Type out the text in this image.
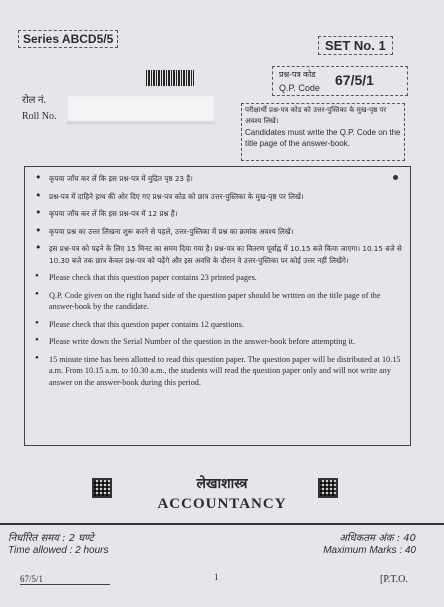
Series ABCD5/5	SET No. 1
प्रश्न-पत्र कोड
Q.P. Code 67/5/1
रोल नं.
Roll No.
परीक्षार्थी प्रश्न-पत्र कोड को उत्तर-पुस्तिका के मुख-पृष्ठ पर अवश्य लिखें।
Candidates must write the Q.P. Code on the title page of the answer-book.
• कृपया जाँच कर लें कि इस प्रश्न-पत्र में मुद्रित पृष्ठ 23 हैं।
• प्रश्न-पत्र में दाहिने हाथ की ओर दिए गए प्रश्न-पत्र कोड को छात्र उत्तर-पुस्तिका के मुख-पृष्ठ पर लिखें।
• कृपया जाँच कर लें कि इस प्रश्न-पत्र में 12 प्रश्न हैं।
• कृपया प्रश्न का उत्तर लिखना शुरू करने से पहले, उत्तर-पुस्तिका में प्रश्न का क्रमांक अवश्य लिखें।
• इस प्रश्न-पत्र को पढ़ने के लिए 15 मिनट का समय दिया गया है। प्रश्न-पत्र का वितरण पूर्वाह्न में 10.15 बजे किया जाएगा। 10.15 बजे से 10.30 बजे तक छात्र केवल प्रश्न-पत्र को पढ़ेंगे और इस अवधि के दौरान वे उत्तर-पुस्तिका पर कोई उत्तर नहीं लिखेंगे।
• Please check that this question paper contains 23 printed pages.
• Q.P. Code given on the right hand side of the question paper should be written on the title page of the answer-book by the candidate.
• Please check that this question paper contains 12 questions.
• Please write down the Serial Number of the question in the answer-book before attempting it.
• 15 minute time has been allotted to read this question paper. The question paper will be distributed at 10.15 a.m. From 10.15 a.m. to 10.30 a.m., the students will read the question paper only and will not write any answer on the answer-book during this period.
लेखाशास्त्र
ACCOUNTANCY
निर्धारित समय : 2 घण्टे
Time allowed : 2 hours
अधिकतम अंक : 40
Maximum Marks : 40
67/5/1	1	[P.T.O.
